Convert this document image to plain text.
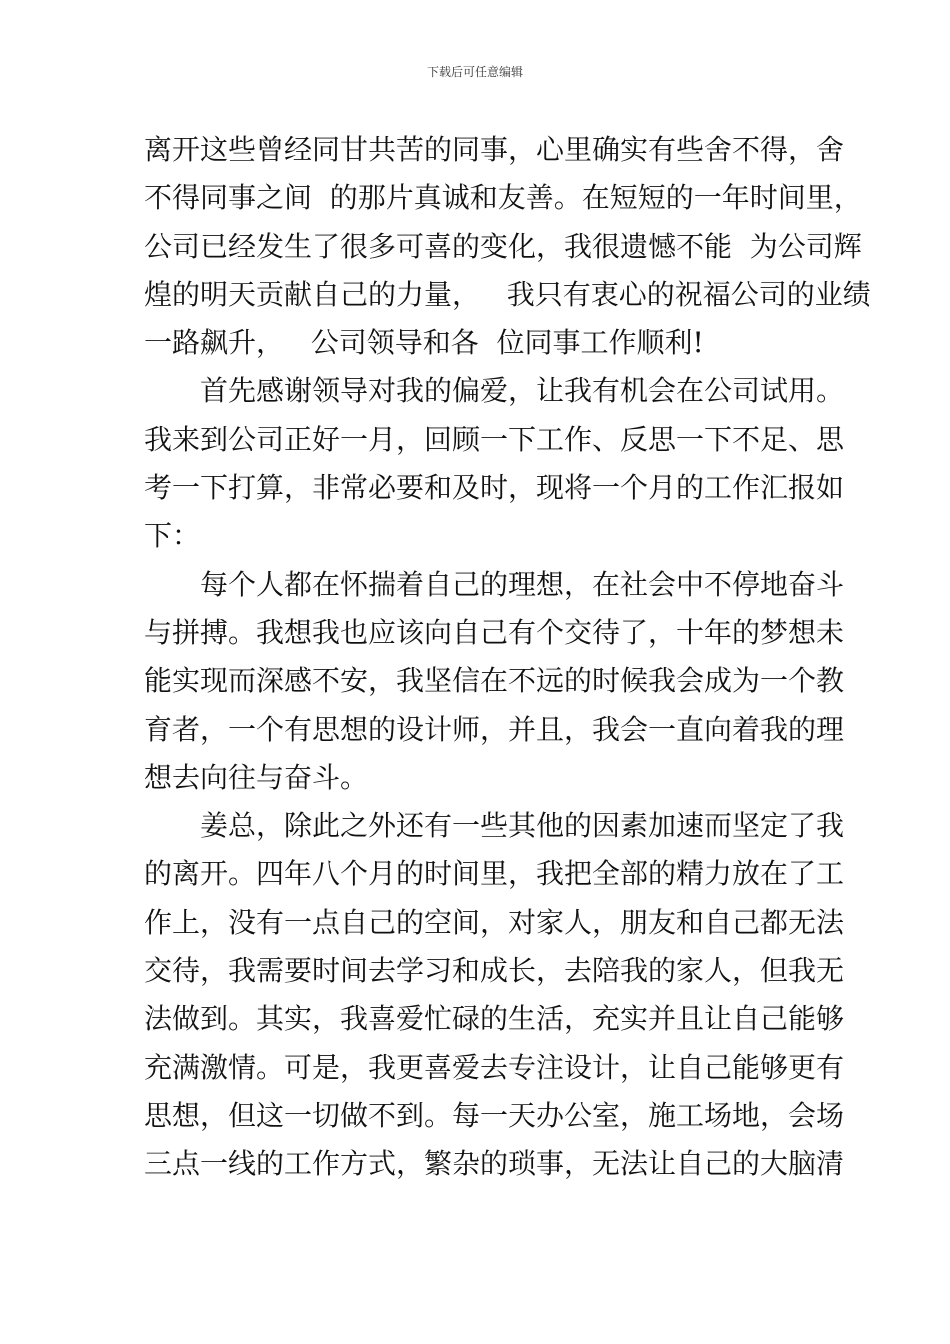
下载后可任意编辑
离开这些曾经同甘共苦的同事，心里确实有些舍不得，舍
不得同事之间  的那片真诚和友善。在短短的一年时间里，
公司已经发生了很多可喜的变化，我很遗憾不能  为公司辉
煌的明天贡献自己的力量，   我只有衷心的祝福公司的业绩
一路飙升，   公司领导和各  位同事工作顺利!
首先感谢领导对我的偏爱，让我有机会在公司试用。
我来到公司正好一月，回顾一下工作、反思一下不足、思
考一下打算，非常必要和及时，现将一个月的工作汇报如
下：
每个人都在怀揣着自己的理想，在社会中不停地奋斗
与拼搏。我想我也应该向自己有个交待了，十年的梦想未
能实现而深感不安，我坚信在不远的时候我会成为一个教
育者，一个有思想的设计师，并且，我会一直向着我的理
想去向往与奋斗。
姜总，除此之外还有一些其他的因素加速而坚定了我
的离开。四年八个月的时间里，我把全部的精力放在了工
作上，没有一点自己的空间，对家人，朋友和自己都无法
交待，我需要时间去学习和成长，去陪我的家人，但我无
法做到。其实，我喜爱忙碌的生活，充实并且让自己能够
充满激情。可是，我更喜爱去专注设计，让自己能够更有
思想，但这一切做不到。每一天办公室，施工场地，会场
三点一线的工作方式，繁杂的琐事，无法让自己的大脑清
